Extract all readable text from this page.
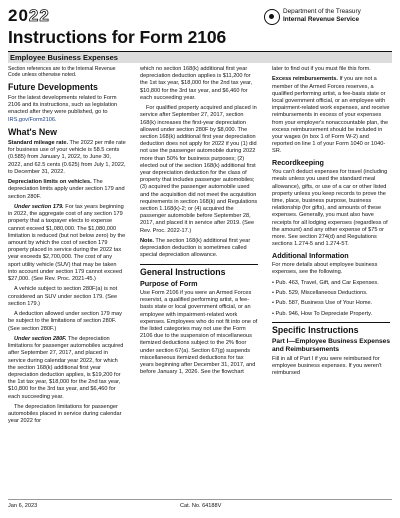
2022	Department of the Treasury
Internal Revenue Service
Instructions for Form 2106
Employee Business Expenses

Section references are to the Internal Revenue Code unless otherwise noted.

Future Developments

For the latest developments related to Form 2106 and its instructions, such as legislation enacted after they were published, go to IRS.gov/Form2106.

What's New

Standard mileage rate. The 2022 per mile rate for business use of your vehicle is 58.5 cents (0.585) from January 1, 2022, to June 30, 2022, and 62.5 cents (0.625) from July 1, 2022, to December 31, 2022.

Depreciation limits on vehicles. The depreciation limits apply under section 179 and section 280F.

Under section 179. For tax years beginning in 2022, the aggregate cost of any section 179 property that a taxpayer elects to expense cannot exceed $1,080,000. The $1,080,000 limitation is reduced (but not below zero) by the amount by which the cost of section 179 property placed in service during the 2022 tax year exceeds $2,700,000. The cost of any sport utility vehicle (SUV) that may be taken into account under section 179 cannot exceed $27,000. (See Rev. Proc. 2021-45.)

A vehicle subject to section 280F(a) is not considered an SUV under section 179. (See section 179.)

A deduction allowed under section 179 may be subject to the limitations of section 280F. (See section 280F.)

Under section 280F. The depreciation limitations for passenger automobiles acquired after September 27, 2017, and placed in service during calendar year 2022, for which the section 168(k) additional first year depreciation deduction applies, is $19,200 for the 1st tax year, $18,000 for the 2nd tax year, $10,800 for the 3rd tax year, and $6,460 for each succeeding year.

The depreciation limitations for passenger automobiles placed in service during calendar year 2022 for

which no section 168(k) additional first year depreciation deduction applies is $11,200 for the 1st tax year, $18,000 for the 2nd tax year, $10,800 for the 3rd tax year, and $6,460 for each succeeding year.

For qualified property acquired and placed in service after September 27, 2017, section 168(k) increases the first-year depreciation allowed under section 280F by $8,000. The section 168(k) additional first year depreciation deduction does not apply for 2022 if you (1) did not use the passenger automobile during 2022 more than 50% for business purposes; (2) elected out of the section 168(k) additional first year depreciation deduction for the class of property that includes passenger automobiles; (3) acquired the passenger automobile used and the acquisition did not meet the acquisition requirements in section 168(k) and Regulations section 1.168(k)-2; or (4) acquired the passenger automobile before September 28, 2017, and placed it in service after 2019. (See Rev. Proc. 2022-17.)

Note. The section 168(k) additional first year depreciation deduction is sometimes called special depreciation allowance.

General Instructions
Purpose of Form

Use Form 2106 if you were an Armed Forces reservist, a qualified performing artist, a fee-basis state or local government official, or an employee with impairment-related work expenses. Employees who do not fit into one of the listed categories may not use the Form 2106 due to the suspension of miscellaneous itemized deductions subject to the 2% floor under section 67(a). Section 67(g) suspends miscellaneous itemized deductions for tax years beginning after December 31, 2017, and before January 1, 2026. See the flowchart

later to find out if you must file this form.

Excess reimbursements. If you are not a member of the Armed Forces reserves, a qualified performing artist, a fee-basis state or local government official, or an employee with impairment-related work expenses, and receive reimbursements in excess of your expenses from your employer's nonaccountable plan, the excess reimbursement should be included in your wages (in box 1 of Form W-2) and reported on line 1 of your Form 1040 or 1040-SR.

Recordkeeping

You can't deduct expenses for travel (including meals unless you used the standard meal allowance), gifts, or use of a car or other listed property unless you keep records to prove the time, place, business purpose, business relationship (for gifts), and amounts of these expenses. Generally, you must also have receipts for all lodging expenses (regardless of the amount) and any other expense of $75 or more. See section 274(d) and Regulations sections 1.274-5 and 1.274-5T.

Additional Information

For more details about employee business expenses, see the following.

• Pub. 463, Travel, Gift, and Car Expenses.

• Pub. 529, Miscellaneous Deductions.

• Pub. 587, Business Use of Your Home.

• Pub. 946, How To Depreciate Property.

Specific Instructions
Part I—Employee Business Expenses and Reimbursements

Fill in all of Part I if you were reimbursed for employee business expenses. If you weren't reimbursed

Jan 6, 2023	Cat. No. 64188V
